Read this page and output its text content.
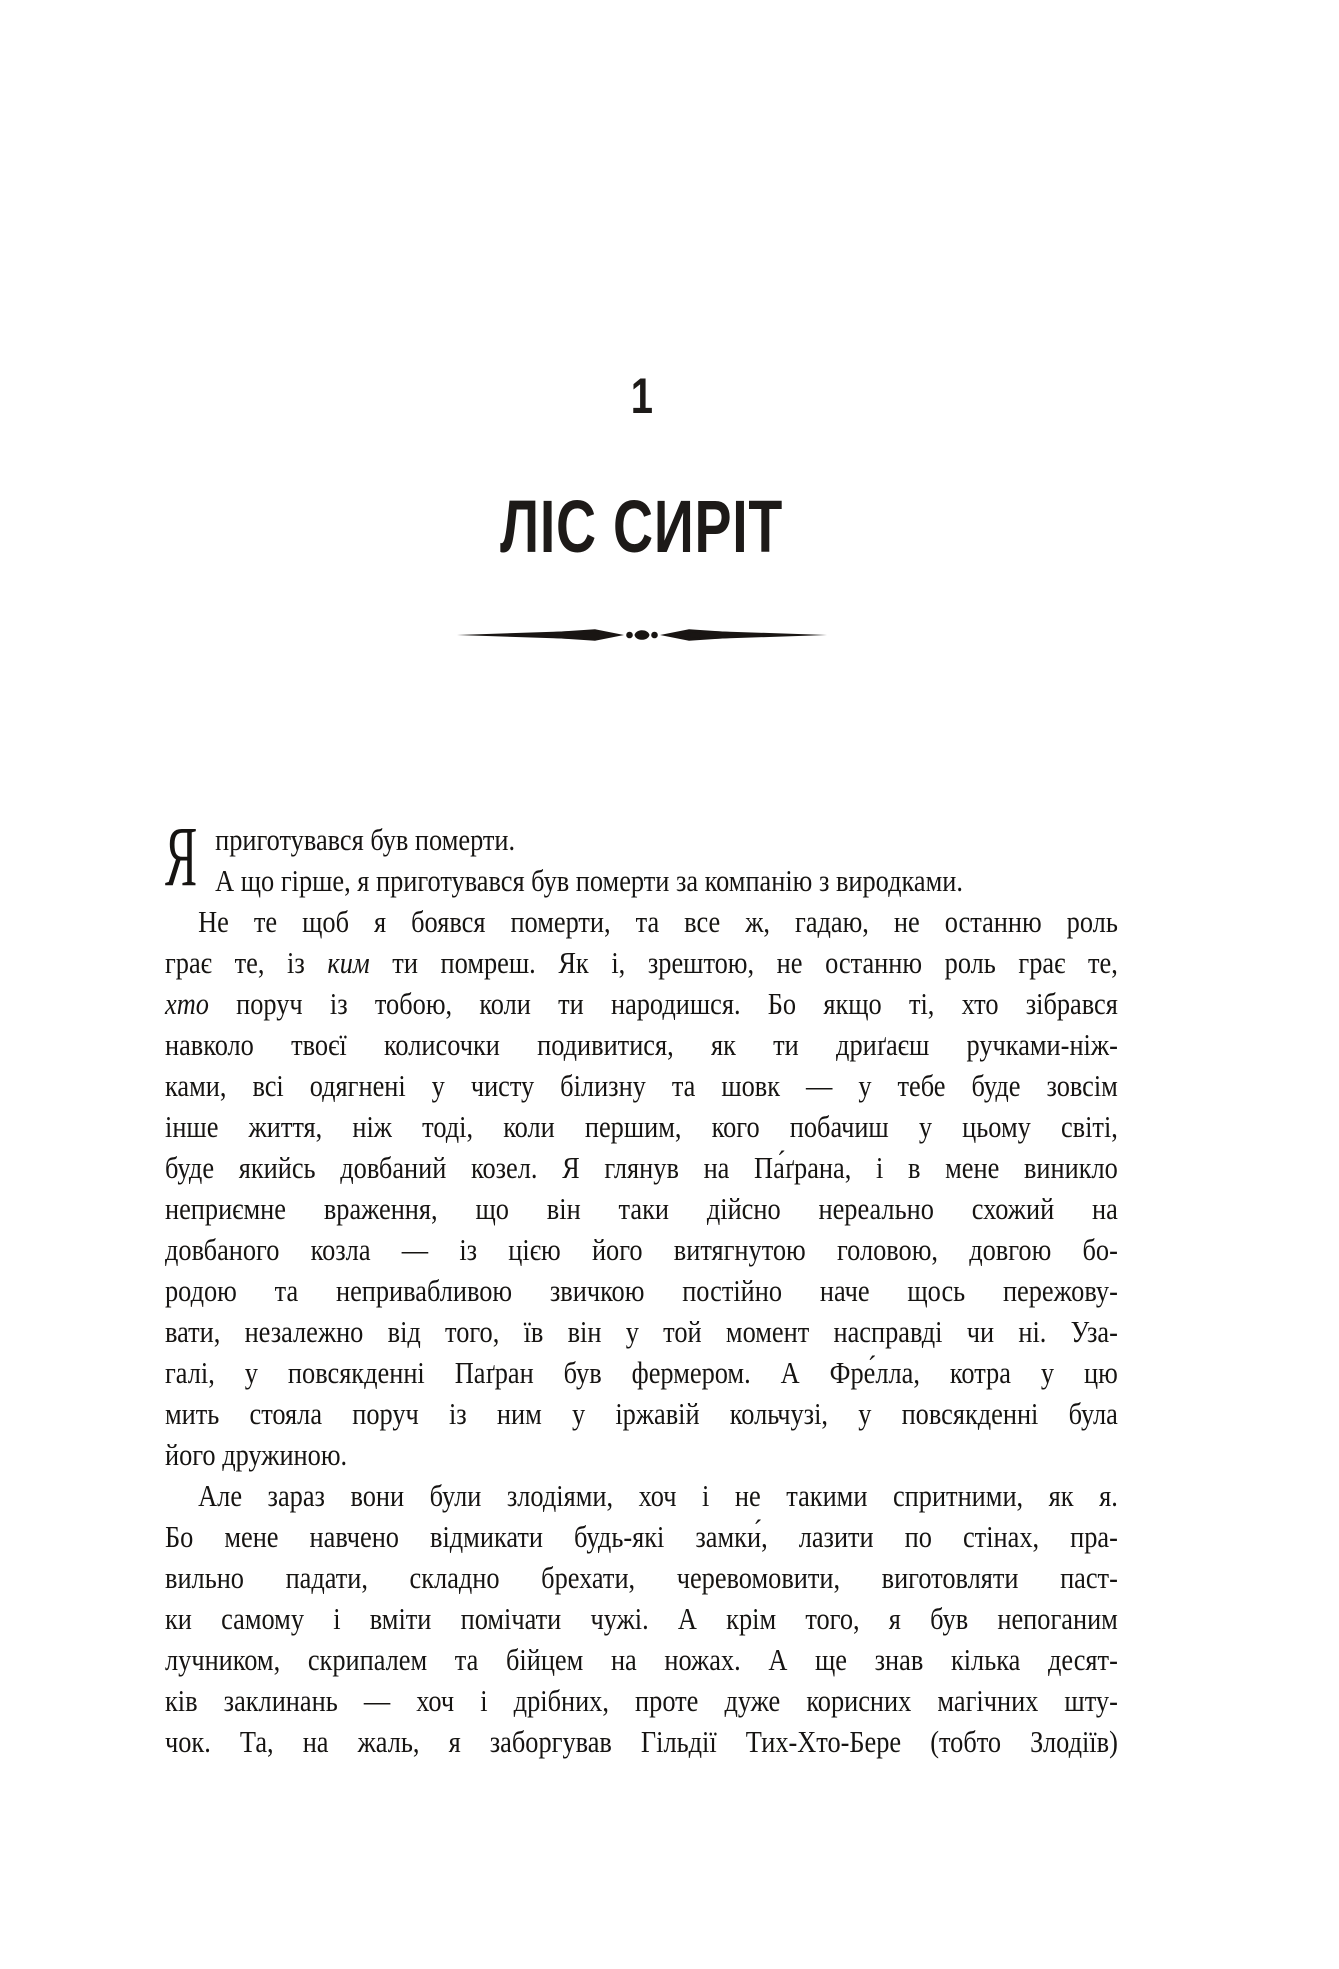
1
ЛІС СИРІТ
Я приготувався був померти.
А що гірше, я приготувався був померти за компанію з виродками.
Не те щоб я боявся померти, та все ж, гадаю, не останню роль
грає те, із ким ти помреш. Як і, зрештою, не останню роль грає те,
хто поруч із тобою, коли ти народишся. Бо якщо ті, хто зібрався
навколо твоєї колисочки подивитися, як ти дриґаєш ручками-ніж-
ками, всі одягнені у чисту білизну та шовк — у тебе буде зовсім
інше життя, ніж тоді, коли першим, кого побачиш у цьому світі,
буде якийсь довбаний козел. Я глянув на Па́ґрана, і в мене виникло
неприємне враження, що він таки дійсно нереально схожий на
довбаного козла — із цією його витягнутою головою, довгою бо-
родою та непривабливою звичкою постійно наче щось пережову-
вати, незалежно від того, їв він у той момент насправді чи ні. Уза-
галі, у повсякденні Паґран був фермером. А Фре́лла, котра у цю
мить стояла поруч із ним у іржавій кольчузі, у повсякденні була
його дружиною.
Але зараз вони були злодіями, хоч і не такими спритними, як я.
Бо мене навчено відмикати будь-які замки́, лазити по стінах, пра-
вильно падати, складно брехати, черевомовити, виготовляти паст-
ки самому і вміти помічати чужі. А крім того, я був непоганим
лучником, скрипалем та бійцем на ножах. А ще знав кілька десят-
ків заклинань — хоч і дрібних, проте дуже корисних магічних шту-
чок. Та, на жаль, я заборгував Гільдії Тих-Хто-Бере (тобто Злодіїв)
